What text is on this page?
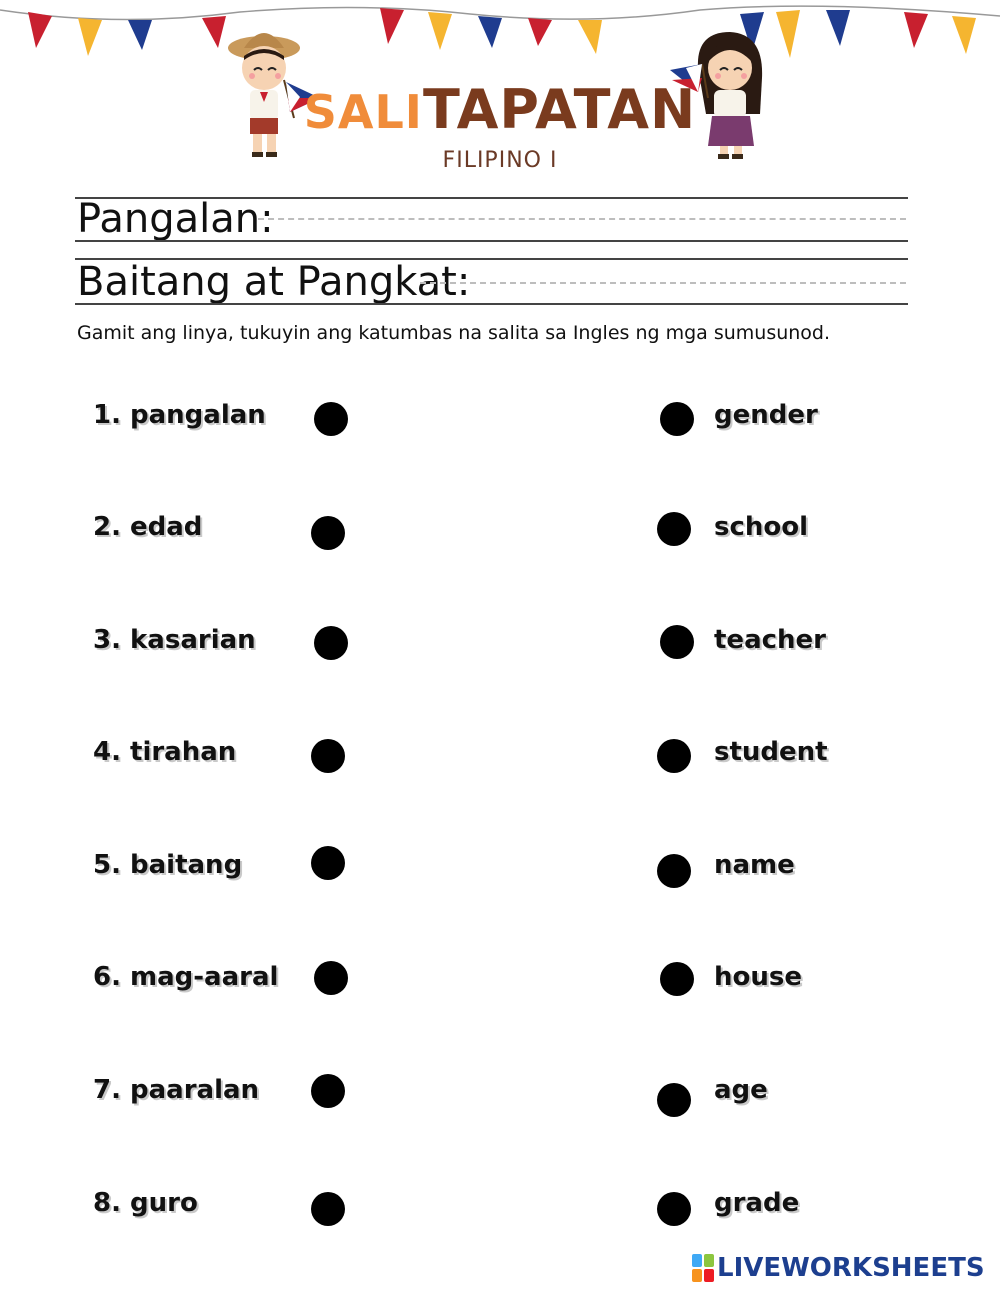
SALITAPATAN
FILIPINO I
Pangalan:
Baitang at Pangkat:
Gamit ang linya, tukuyin ang katumbas na salita sa Ingles ng mga sumusunod.
1. pangalan
2. edad
3. kasarian
4. tirahan
5. baitang
6. mag-aaral
7. paaralan
8. guro
gender
school
teacher
student
name
house
age
grade
LIVEWORKSHEETS
